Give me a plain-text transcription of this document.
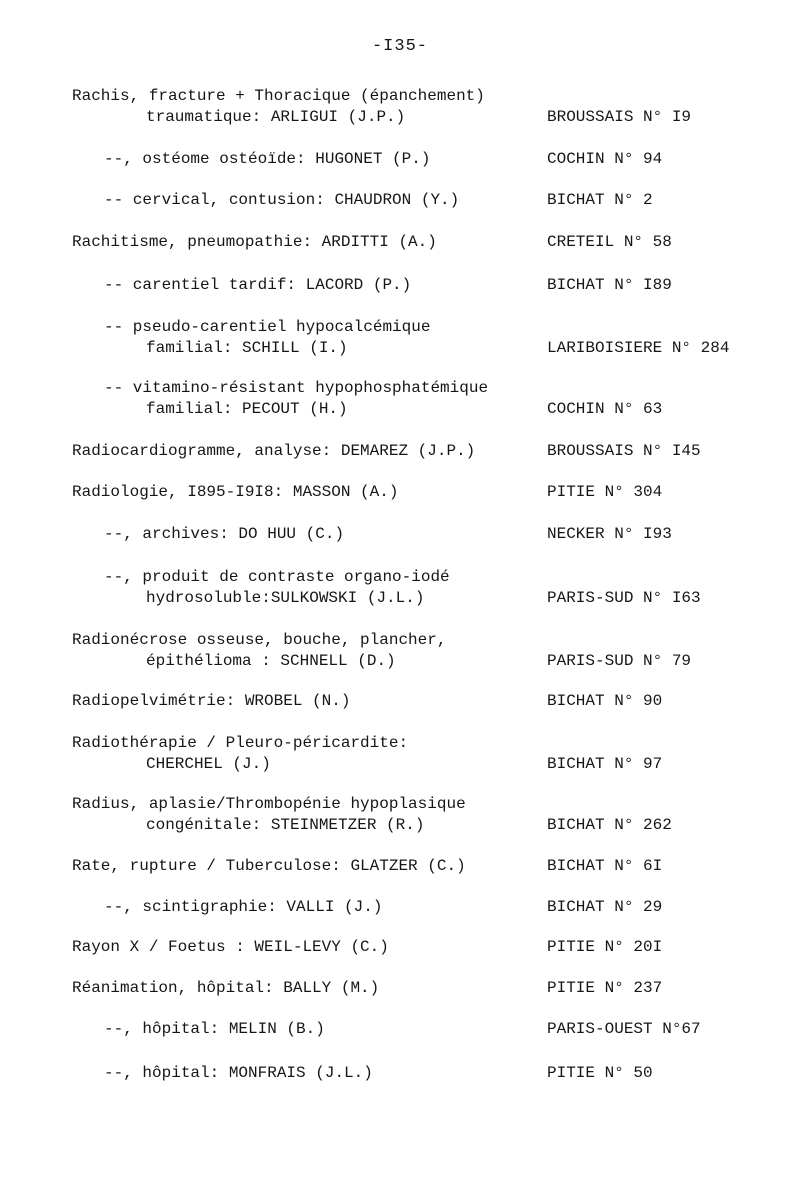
-I35-
Rachis, fracture + Thoracique (épanchement)
traumatique: ARLIGUI (J.P.)	BROUSSAIS N° I9
--, ostéome ostéoïde: HUGONET (P.)	COCHIN N° 94
-- cervical, contusion: CHAUDRON (Y.)	BICHAT N° 2
Rachitisme, pneumopathie: ARDITTI (A.)	CRETEIL N° 58
-- carentiel tardif: LACORD (P.)	BICHAT N° I89
-- pseudo-carentiel hypocalcémique
familial: SCHILL (I.)	LARIBOISIERE N° 284
-- vitamino-résistant hypophosphatémique
familial: PECOUT (H.)	COCHIN N° 63
Radiocardiogramme, analyse: DEMAREZ (J.P.)	BROUSSAIS N° I45
Radiologie, I895-I9I8: MASSON (A.)	PITIE N° 304
--, archives: DO HUU (C.)	NECKER N° I93
--, produit de contraste organo-iodé
hydrosoluble:SULKOWSKI (J.L.)	PARIS-SUD N° I63
Radionécrose osseuse, bouche, plancher,
épithélioma : SCHNELL (D.)	PARIS-SUD N° 79
Radiopelvimétrie: WROBEL (N.)	BICHAT N° 90
Radiothérapie / Pleuro-péricardite:
CHERCHEL (J.)	BICHAT N° 97
Radius, aplasie/Thrombopénie hypoplasique
congénitale: STEINMETZER (R.)	BICHAT N° 262
Rate, rupture / Tuberculose: GLATZER (C.)	BICHAT N° 6I
--, scintigraphie: VALLI (J.)	BICHAT N° 29
Rayon X / Foetus : WEIL-LEVY (C.)	PITIE N° 20I
Réanimation, hôpital: BALLY (M.)	PITIE N° 237
--, hôpital: MELIN (B.)	PARIS-OUEST N°67
--, hôpital: MONFRAIS (J.L.)	PITIE N° 50
